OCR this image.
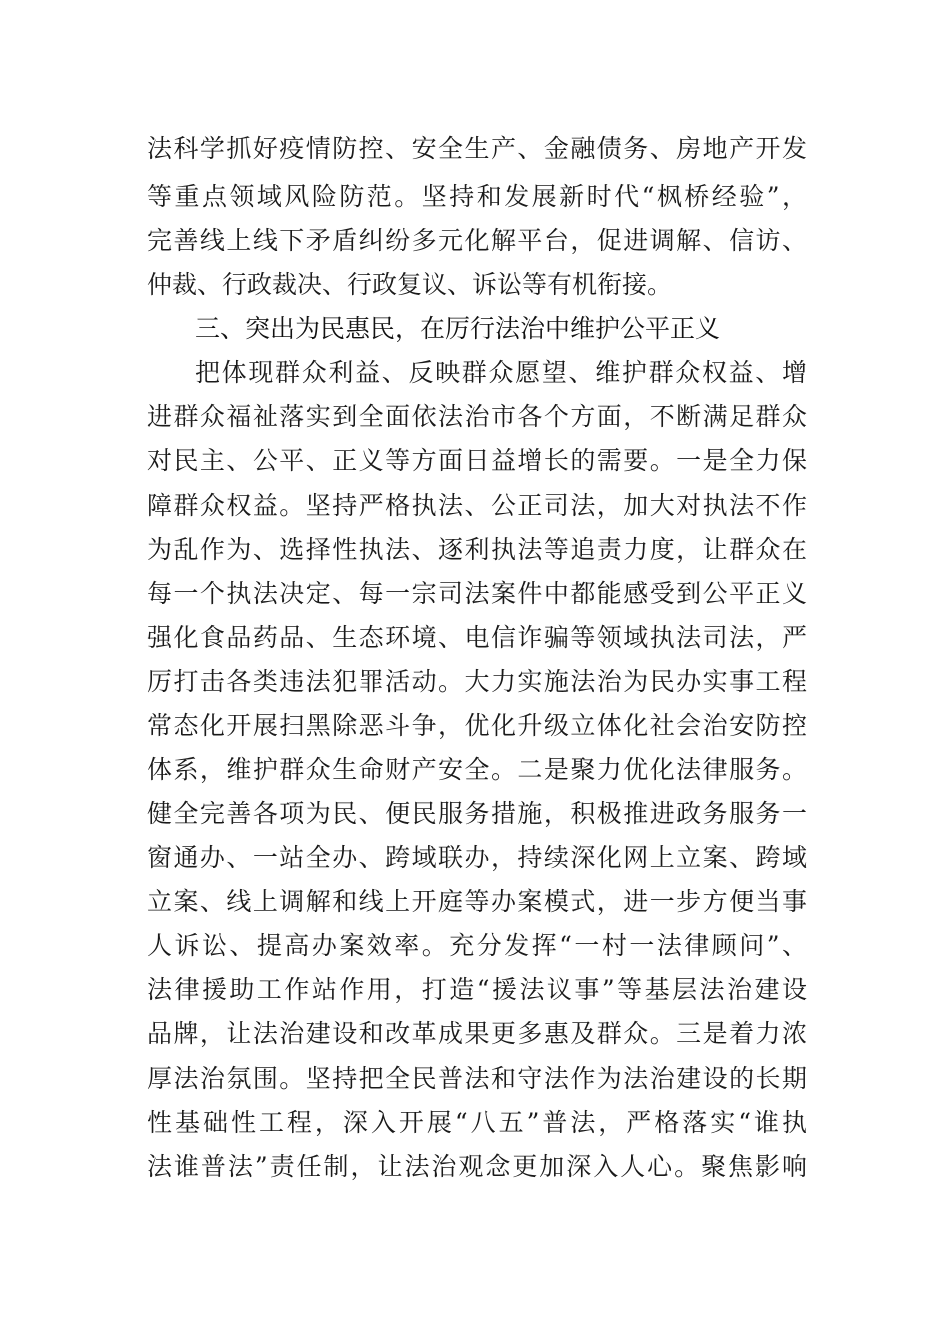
法科学抓好疫情防控、安全生产、金融债务、房地产开发
等重点领域风险防范。坚持和发展新时代“枫桥经验”，
完善线上线下矛盾纠纷多元化解平台，促进调解、信访、
仲裁、行政裁决、行政复议、诉讼等有机衔接。
三、突出为民惠民，在厉行法治中维护公平正义
把体现群众利益、反映群众愿望、维护群众权益、增
进群众福祉落实到全面依法治市各个方面，不断满足群众
对民主、公平、正义等方面日益增长的需要。一是全力保
障群众权益。坚持严格执法、公正司法，加大对执法不作
为乱作为、选择性执法、逐利执法等追责力度，让群众在
每一个执法决定、每一宗司法案件中都能感受到公平正义
强化食品药品、生态环境、电信诈骗等领域执法司法，严
厉打击各类违法犯罪活动。大力实施法治为民办实事工程
常态化开展扫黑除恶斗争，优化升级立体化社会治安防控
体系，维护群众生命财产安全。二是聚力优化法律服务。
健全完善各项为民、便民服务措施，积极推进政务服务一
窗通办、一站全办、跨域联办，持续深化网上立案、跨域
立案、线上调解和线上开庭等办案模式，进一步方便当事
人诉讼、提高办案效率。充分发挥“一村一法律顾问”、
法律援助工作站作用，打造“援法议事”等基层法治建设
品牌，让法治建设和改革成果更多惠及群众。三是着力浓
厚法治氛围。坚持把全民普法和守法作为法治建设的长期
性基础性工程，深入开展“八五”普法，严格落实“谁执
法谁普法”责任制，让法治观念更加深入人心。聚焦影响
